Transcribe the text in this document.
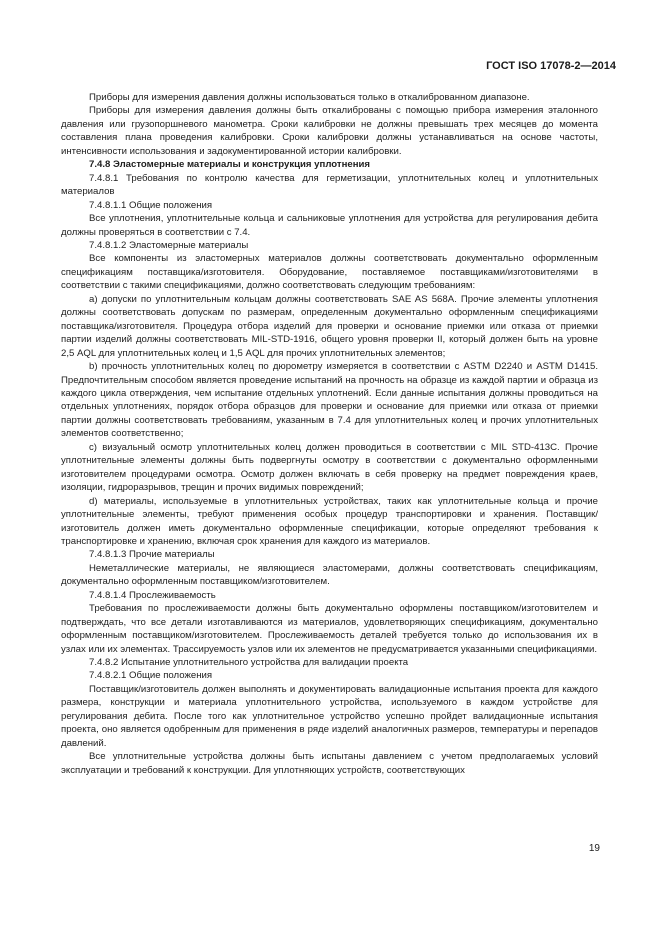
ГОСТ ISO 17078-2—2014

Приборы для измерения давления должны использоваться только в откалиброванном диапазоне.

Приборы для измерения давления должны быть откалиброваны с помощью прибора измерения эталонного давления или грузопоршневого манометра. Сроки калибровки не должны превышать трех месяцев до момента составления плана проведения калибровки. Сроки калибровки должны устанавливаться на основе частоты, интенсивности использования и задокументированной истории калибровки.

7.4.8 Эластомерные материалы и конструкция уплотнения

7.4.8.1 Требования по контролю качества для герметизации, уплотнительных колец и уплотнительных материалов

7.4.8.1.1 Общие положения

Все уплотнения, уплотнительные кольца и сальниковые уплотнения для устройства для регулирования дебита должны проверяться в соответствии с 7.4.

7.4.8.1.2 Эластомерные материалы

Все компоненты из эластомерных материалов должны соответствовать документально оформленным спецификациям поставщика/изготовителя. Оборудование, поставляемое поставщиками/изготовителями в соответствии с такими спецификациями, должно соответствовать следующим требованиям:

a) допуски по уплотнительным кольцам должны соответствовать SAE AS 568A. Прочие элементы уплотнения должны соответствовать допускам по размерам, определенным документально оформленным спецификациями поставщика/изготовителя. Процедура отбора изделий для проверки и основание приемки или отказа от приемки партии изделий должны соответствовать MIL-STD-1916, общего уровня проверки II, который должен быть на уровне 2,5 AQL для уплотнительных колец и 1,5 AQL для прочих уплотнительных элементов;

b) прочность уплотнительных колец по дюрометру измеряется в соответствии с ASTM D2240 и ASTM D1415. Предпочтительным способом является проведение испытаний на прочность на образце из каждой партии и образца из каждого цикла отверждения, чем испытание отдельных уплотнений. Если данные испытания должны проводиться на отдельных уплотнениях, порядок отбора образцов для проверки и основание для приемки или отказа от приемки партии должны соответствовать требованиям, указанным в 7.4 для уплотнительных колец и прочих уплотнительных элементов соответственно;

c) визуальный осмотр уплотнительных колец должен проводиться в соответствии с MIL STD-413C. Прочие уплотнительные элементы должны быть подвергнуты осмотру в соответствии с документально оформленными изготовителем процедурами осмотра. Осмотр должен включать в себя проверку на предмет повреждения краев, изоляции, гидроразрывов, трещин и прочих видимых повреждений;

d) материалы, используемые в уплотнительных устройствах, таких как уплотнительные кольца и прочие уплотнительные элементы, требуют применения особых процедур транспортировки и хранения. Поставщик/изготовитель должен иметь документально оформленные спецификации, которые определяют требования к транспортировке и хранению, включая срок хранения для каждого из материалов.

7.4.8.1.3 Прочие материалы

Неметаллические материалы, не являющиеся эластомерами, должны соответствовать спецификациям, документально оформленным поставщиком/изготовителем.

7.4.8.1.4 Прослеживаемость

Требования по прослеживаемости должны быть документально оформлены поставщиком/изготовителем и подтверждать, что все детали изготавливаются из материалов, удовлетворяющих спецификациям, документально оформленным поставщиком/изготовителем. Прослеживаемость деталей требуется только до использования их в узлах или их элементах. Трассируемость узлов или их элементов не предусматривается указанными спецификациями.

7.4.8.2 Испытание уплотнительного устройства для валидации проекта

7.4.8.2.1 Общие положения

Поставщик/изготовитель должен выполнять и документировать валидационные испытания проекта для каждого размера, конструкции и материала уплотнительного устройства, используемого в каждом устройстве для регулирования дебита. После того как уплотнительное устройство успешно пройдет валидационные испытания проекта, оно является одобренным для применения в ряде изделий аналогичных размеров, температуры и перепадов давлений.

Все уплотнительные устройства должны быть испытаны давлением с учетом предполагаемых условий эксплуатации и требований к конструкции. Для уплотняющих устройств, соответствующих

19
